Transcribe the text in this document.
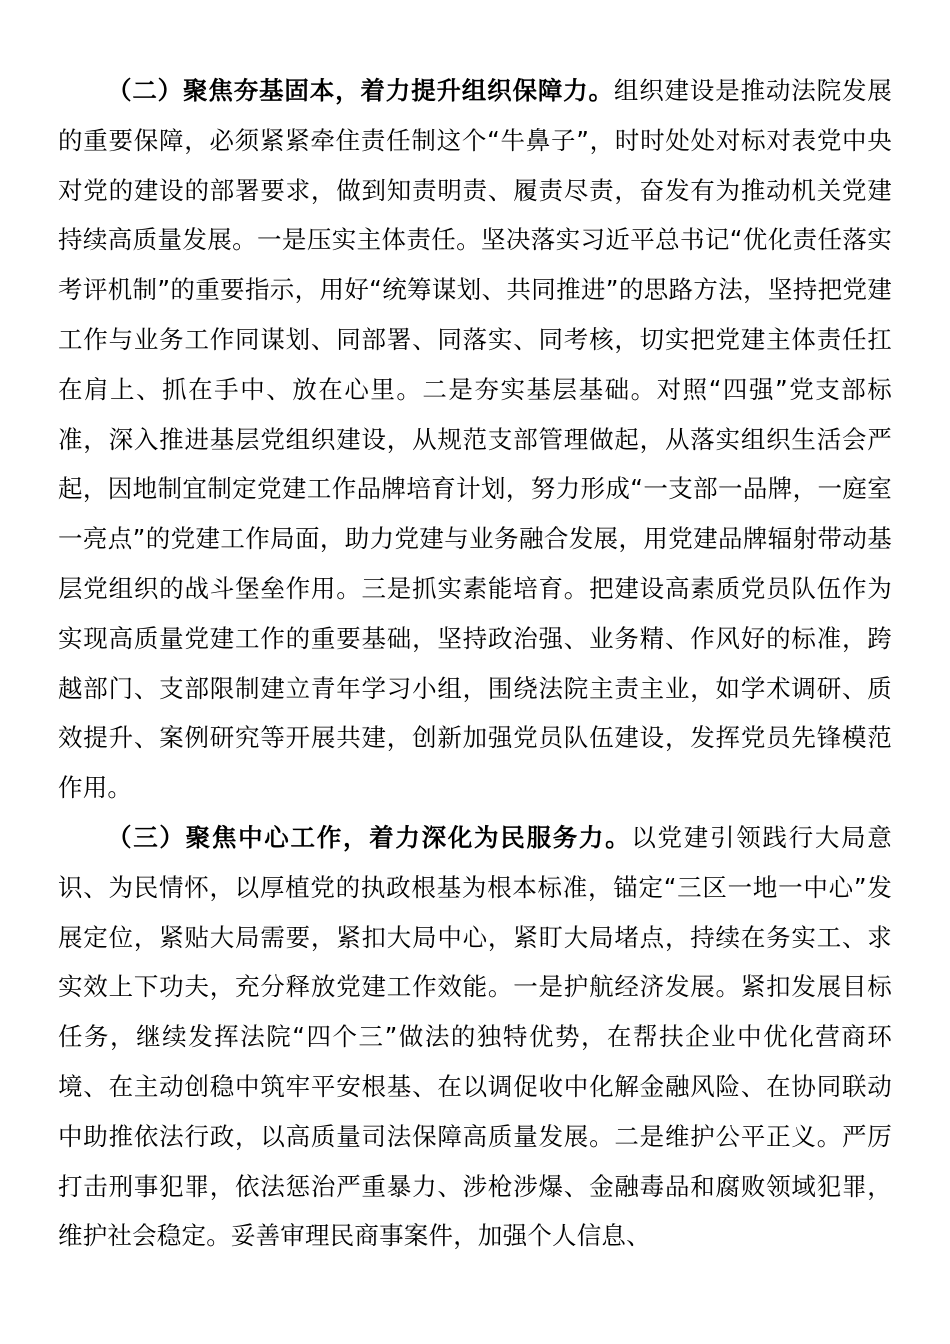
（二）聚焦夯基固本，着力提升组织保障力。组织建设是推动法院发展的重要保障，必须紧紧牵住责任制这个“牛鼻子”，时时处处对标对表党中央对党的建设的部署要求，做到知责明责、履责尽责，奋发有为推动机关党建持续高质量发展。一是压实主体责任。坚决落实习近平总书记“优化责任落实考评机制”的重要指示，用好“统筹谋划、共同推进”的思路方法，坚持把党建工作与业务工作同谋划、同部署、同落实、同考核，切实把党建主体责任扛在肩上、抓在手中、放在心里。二是夯实基层基础。对照“四强”党支部标准，深入推进基层党组织建设，从规范支部管理做起，从落实组织生活会严起，因地制宜制定党建工作品牌培育计划，努力形成“一支部一品牌，一庭室一亮点”的党建工作局面，助力党建与业务融合发展，用党建品牌辐射带动基层党组织的战斗堡垒作用。三是抓实素能培育。把建设高素质党员队伍作为实现高质量党建工作的重要基础，坚持政治强、业务精、作风好的标准，跨越部门、支部限制建立青年学习小组，围绕法院主责主业，如学术调研、质效提升、案例研究等开展共建，创新加强党员队伍建设，发挥党员先锋模范作用。

（三）聚焦中心工作，着力深化为民服务力。以党建引领践行大局意识、为民情怀，以厚植党的执政根基为根本标准，锚定“三区一地一中心”发展定位，紧贴大局需要，紧扣大局中心，紧盯大局堵点，持续在务实工、求实效上下功夫，充分释放党建工作效能。一是护航经济发展。紧扣发展目标任务，继续发挥法院“四个三”做法的独特优势，在帮扶企业中优化营商环境、在主动创稳中筑牢平安根基、在以调促收中化解金融风险、在协同联动中助推依法行政，以高质量司法保障高质量发展。二是维护公平正义。严厉打击刑事犯罪，依法惩治严重暴力、涉枪涉爆、金融毒品和腐败领域犯罪，维护社会稳定。妥善审理民商事案件，加强个人信息、
